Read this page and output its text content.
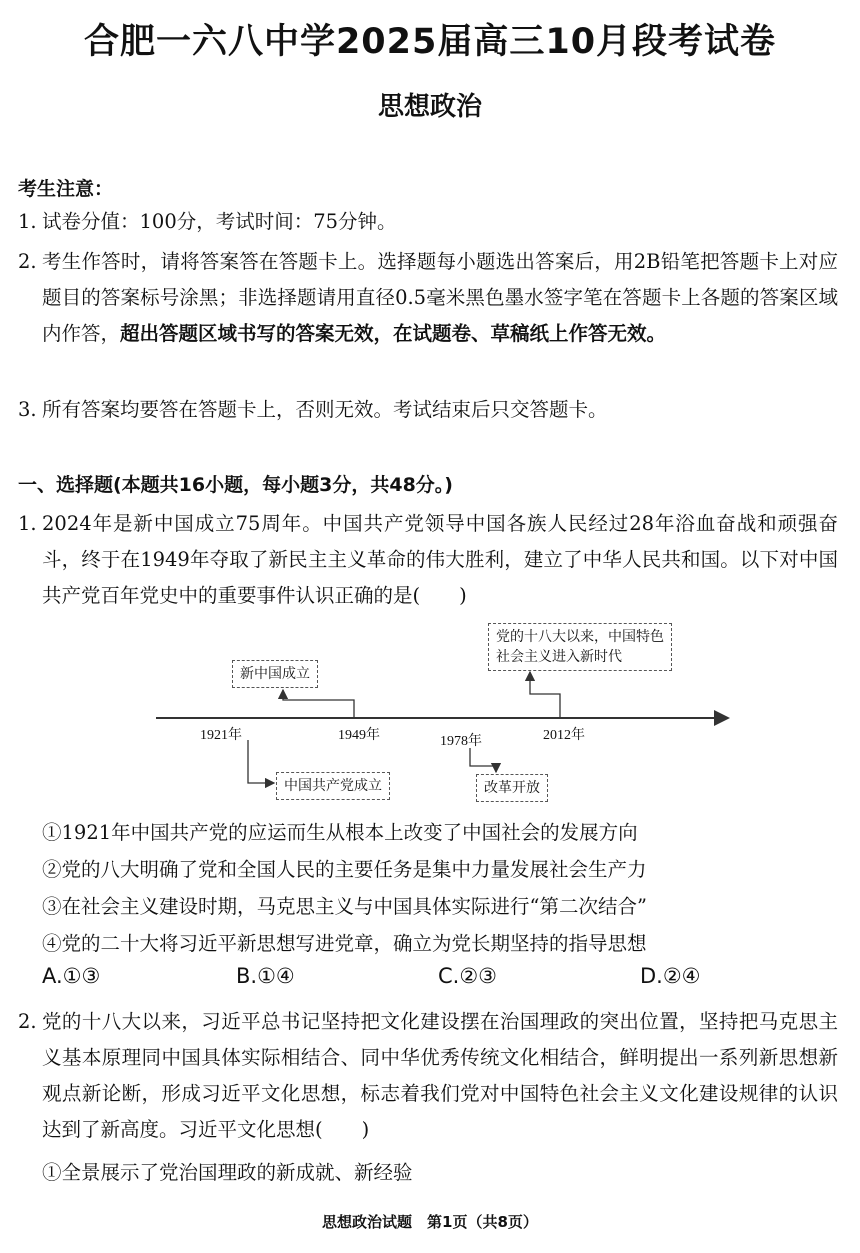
合肥一六八中学2025届高三10月段考试卷
思想政治
考生注意：
1. 试卷分值：100分，考试时间：75分钟。
2. 考生作答时，请将答案答在答题卡上。选择题每小题选出答案后，用2B铅笔把答题卡上对应题目的答案标号涂黑；非选择题请用直径0.5毫米黑色墨水签字笔在答题卡上各题的答案区域内作答，超出答题区域书写的答案无效，在试题卷、草稿纸上作答无效。
3. 所有答案均要答在答题卡上，否则无效。考试结束后只交答题卡。
一、选择题(本题共16小题，每小题3分，共48分。)
1. 2024年是新中国成立75周年。中国共产党领导中国各族人民经过28年浴血奋战和顽强奋斗，终于在1949年夺取了新民主主义革命的伟大胜利，建立了中华人民共和国。以下对中国共产党百年党史中的重要事件认识正确的是(　　)
1921年	1949年	1978年	2012年
中国共产党成立
新中国成立
改革开放
党的十八大以来，中国特色
社会主义进入新时代
①1921年中国共产党的应运而生从根本上改变了中国社会的发展方向
②党的八大明确了党和全国人民的主要任务是集中力量发展社会生产力
③在社会主义建设时期，马克思主义与中国具体实际进行“第二次结合”
④党的二十大将习近平新思想写进党章，确立为党长期坚持的指导思想
A.①③	B.①④	C.②③	D.②④
2. 党的十八大以来，习近平总书记坚持把文化建设摆在治国理政的突出位置，坚持把马克思主义基本原理同中国具体实际相结合、同中华优秀传统文化相结合，鲜明提出一系列新思想新观点新论断，形成习近平文化思想，标志着我们党对中国特色社会主义文化建设规律的认识达到了新高度。习近平文化思想(　　)
①全景展示了党治国理政的新成就、新经验
思想政治试题　第1页（共8页）
